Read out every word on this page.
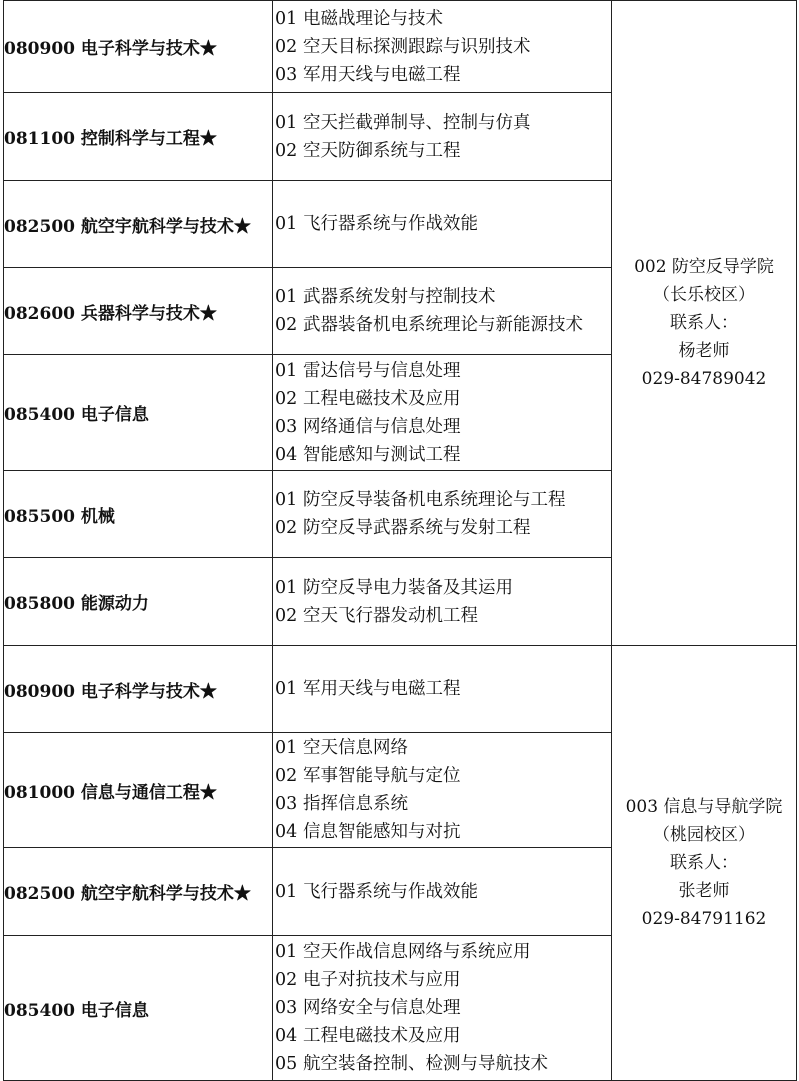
080900 电子科学与技术★	01 电磁战理论与技术
02 空天目标探测跟踪与识别技术
03 军用天线与电磁工程	002 防空反导学院
（长乐校区）
联系人：
杨老师
029-84789042

081100 控制科学与工程★	01 空天拦截弹制导、控制与仿真
02 空天防御系统与工程	

082500 航空宇航科学与技术★	01 飞行器系统与作战效能	

082600 兵器科学与技术★	01 武器系统发射与控制技术
02 武器装备机电系统理论与新能源技术	

085400 电子信息	01 雷达信号与信息处理
02 工程电磁技术及应用
03 网络通信与信息处理
04 智能感知与测试工程	

085500 机械	01 防空反导装备机电系统理论与工程
02 防空反导武器系统与发射工程	

085800 能源动力	01 防空反导电力装备及其运用
02 空天飞行器发动机工程	

080900 电子科学与技术★	01 军用天线与电磁工程	003 信息与导航学院
（桃园校区）
联系人：
张老师
029-84791162

081000 信息与通信工程★	01 空天信息网络
02 军事智能导航与定位
03 指挥信息系统
04 信息智能感知与对抗	

082500 航空宇航科学与技术★	01 飞行器系统与作战效能	

085400 电子信息	01 空天作战信息网络与系统应用
02 电子对抗技术与应用
03 网络安全与信息处理
04 工程电磁技术及应用
05 航空装备控制、检测与导航技术	
